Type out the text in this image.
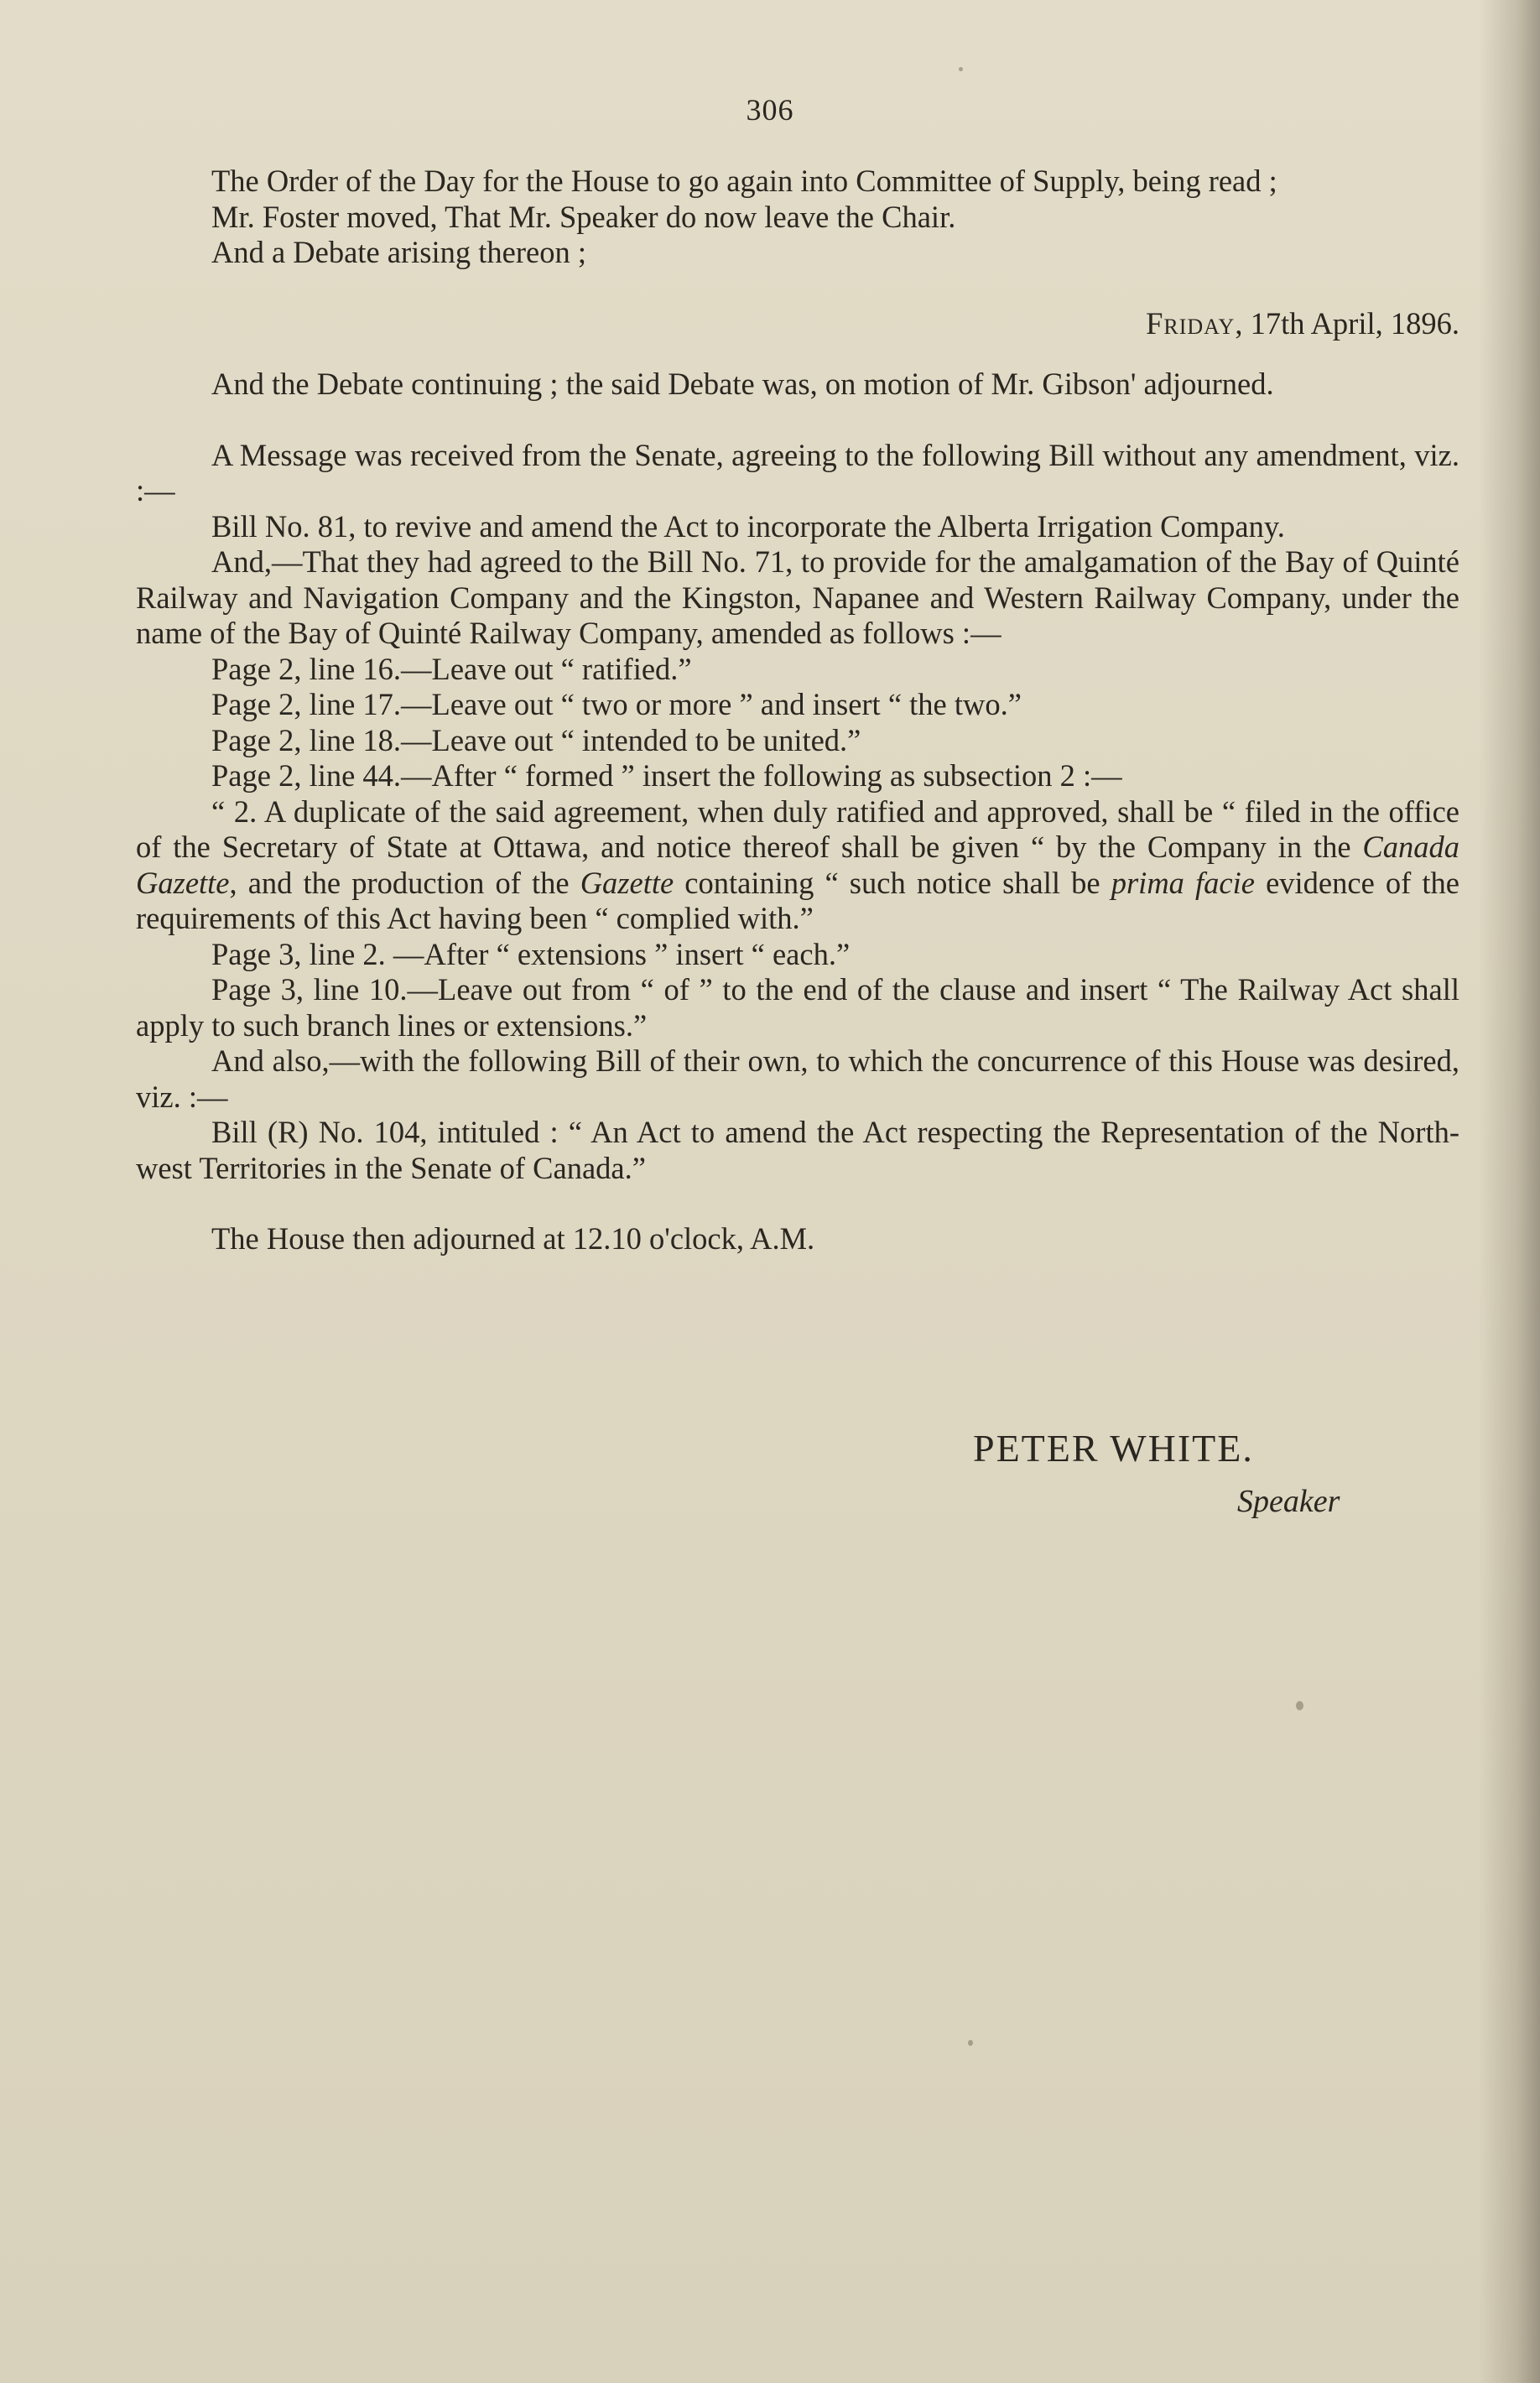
306

The Order of the Day for the House to go again into Committee of Supply, being read ;

Mr. Foster moved, That Mr. Speaker do now leave the Chair.

And a Debate arising thereon ;

Friday, 17th April, 1896.

And the Debate continuing ; the said Debate was, on motion of Mr. Gibson' adjourned.

A Message was received from the Senate, agreeing to the following Bill without any amendment, viz. :—

Bill No. 81, to revive and amend the Act to incorporate the Alberta Irrigation Company.

And,—That they had agreed to the Bill No. 71, to provide for the amalgamation of the Bay of Quinté Railway and Navigation Company and the Kingston, Napanee and Western Railway Company, under the name of the Bay of Quinté Railway Company, amended as follows :—

Page 2, line 16.—Leave out “ ratified.”

Page 2, line 17.—Leave out “ two or more ” and insert “ the two.”

Page 2, line 18.—Leave out “ intended to be united.”

Page 2, line 44.—After “ formed ” insert the following as subsection 2 :—

“ 2. A duplicate of the said agreement, when duly ratified and approved, shall be “ filed in the office of the Secretary of State at Ottawa, and notice thereof shall be given “ by the Company in the Canada Gazette, and the production of the Gazette containing “ such notice shall be prima facie evidence of the requirements of this Act having been “ complied with.”

Page 3, line 2. —After “ extensions ” insert “ each.”

Page 3, line 10.—Leave out from “ of ” to the end of the clause and insert “ The Railway Act shall apply to such branch lines or extensions.”

And also,—with the following Bill of their own, to which the concurrence of this House was desired, viz. :—

Bill (R) No. 104, intituled : “ An Act to amend the Act respecting the Representation of the North-west Territories in the Senate of Canada.”

The House then adjourned at 12.10 o'clock, A.M.

PETER WHITE.
Speaker
